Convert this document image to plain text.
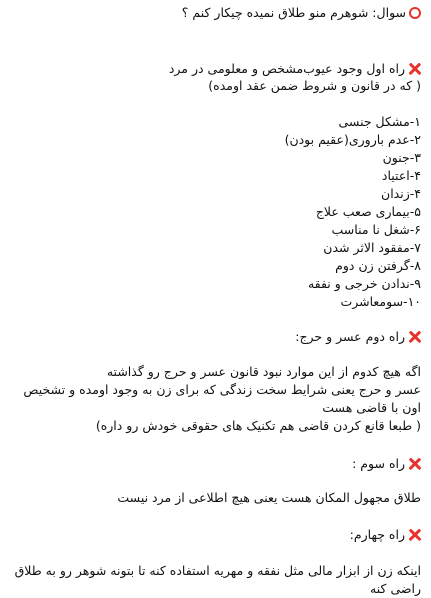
سوال: شوهرم منو طلاق نمیده چیکار کنم ؟
راه اول وجود عیوب‌مشخص و معلومی در مرد
( که در قانون و شروط ضمن عقد اومده)
۱-مشکل جنسی
۲-عدم باروری(عقیم بودن)
۳-جنون
۴-اعتیاد
۴-زندان
۵-بیماری صعب علاج
۶-شغل نا مناسب
۷-مفقود الاثر شدن
۸-گرفتن زن دوم
۹-ندادن خرجی و نفقه
۱۰-سومعاشرت
راه دوم عسر و حرج:
اگه هیچ کدوم از این موارد نبود قانون عسر و حرج رو گذاشته
عسر و حرج یعنی شرایط سخت زندگی که برای زن به وجود اومده و تشخیص
اون با قاضی هست
( طبعا قانع کردن قاضی هم تکنیک های حقوقی خودش رو داره)
راه سوم :
طلاق مجهول المکان هست یعنی هیچ اطلاعی از مرد نیست
راه چهارم:
اینکه زن از ابزار مالی مثل نفقه و مهریه استفاده کنه تا بتونه شوهر رو به طلاق
راضی کنه
